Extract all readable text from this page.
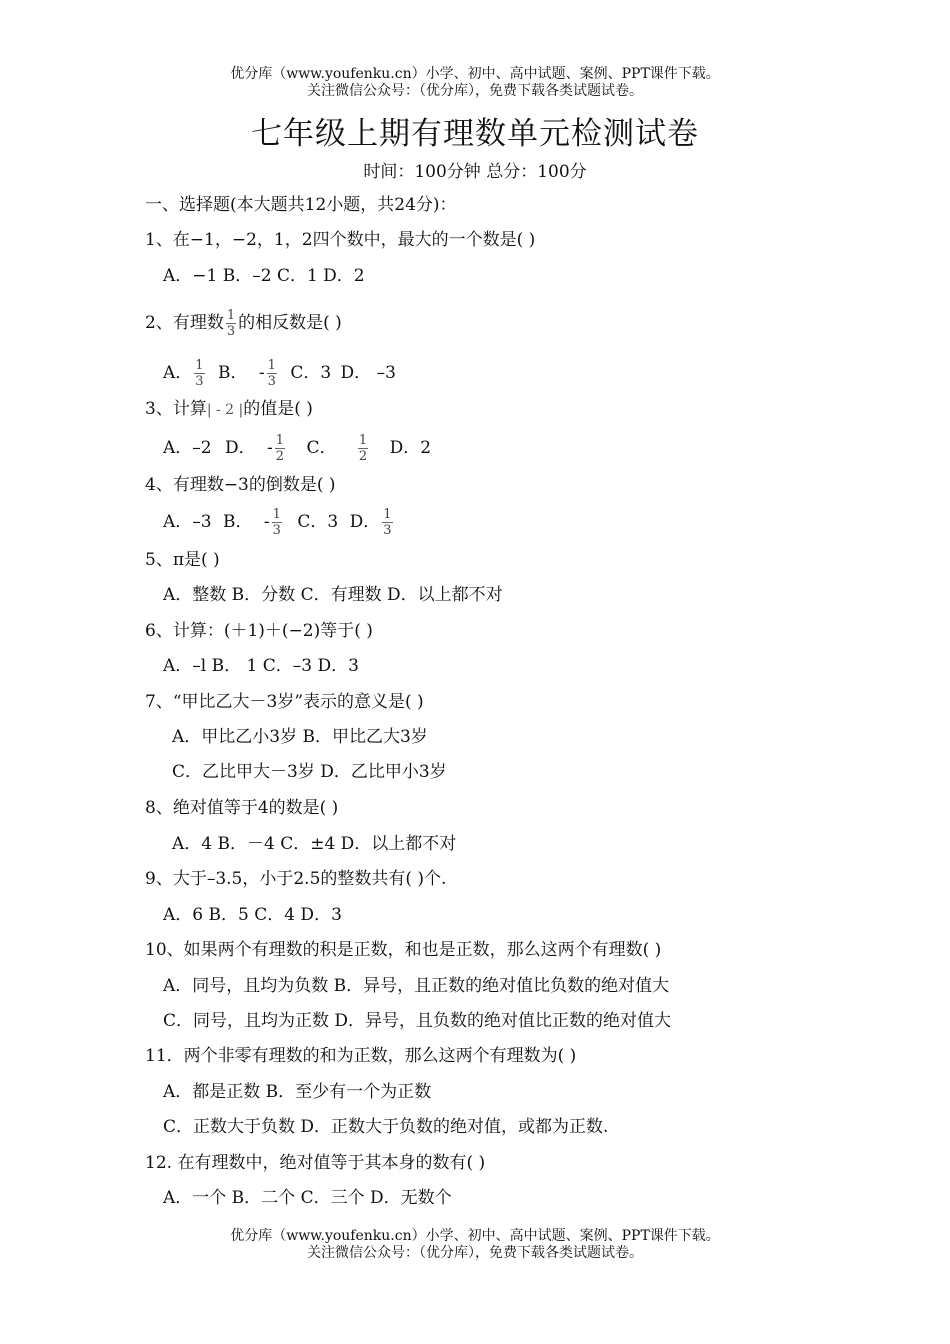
优分库（www.youfenku.cn）小学、初中、高中试题、案例、PPT课件下载。
关注微信公众号：（优分库），免费下载各类试题试卷。
七年级上期有理数单元检测试卷
时间：100分钟 总分：100分
一、选择题(本大题共12小题，共24分)：
1、在−1，−2，1，2四个数中，最大的一个数是( )
A．−1 B．–2 C．1 D．2
2、有理数 $\frac{1}{3}$ 的相反数是( )
A． $\frac{1}{3}$ B． - $\frac{1}{3}$ C．3 D． –3
3、计算| - 2 |的值是( )
A．–2 D． - $\frac{1}{2}$ C． $\frac{1}{2}$ D．2
4、有理数−3的倒数是( )
A．–3 B． - $\frac{1}{3}$ C．3 D． $\frac{1}{3}$
5、π是( )
A．整数 B．分数 C．有理数 D．以上都不对
6、计算：(＋1)＋(−2)等于( )
A．–l B． 1 C．–3 D．3
7、“甲比乙大－3岁”表示的意义是( )
A．甲比乙小3岁 B．甲比乙大3岁
C．乙比甲大－3岁 D．乙比甲小3岁
8、绝对值等于4的数是( )
A．4 B．－4 C．±4 D．以上都不对
9、大于–3.5，小于2.5的整数共有( )个.
A．6 B．5 C．4 D．3
10、如果两个有理数的积是正数，和也是正数，那么这两个有理数( )
A．同号，且均为负数 B．异号，且正数的绝对值比负数的绝对值大
C．同号，且均为正数 D．异号，且负数的绝对值比正数的绝对值大
11．两个非零有理数的和为正数，那么这两个有理数为( )
A．都是正数 B．至少有一个为正数
C．正数大于负数 D．正数大于负数的绝对值，或都为正数.
12. 在有理数中，绝对值等于其本身的数有( )
A．一个 B．二个 C．三个 D．无数个
优分库（www.youfenku.cn）小学、初中、高中试题、案例、PPT课件下载。
关注微信公众号：（优分库），免费下载各类试题试卷。
